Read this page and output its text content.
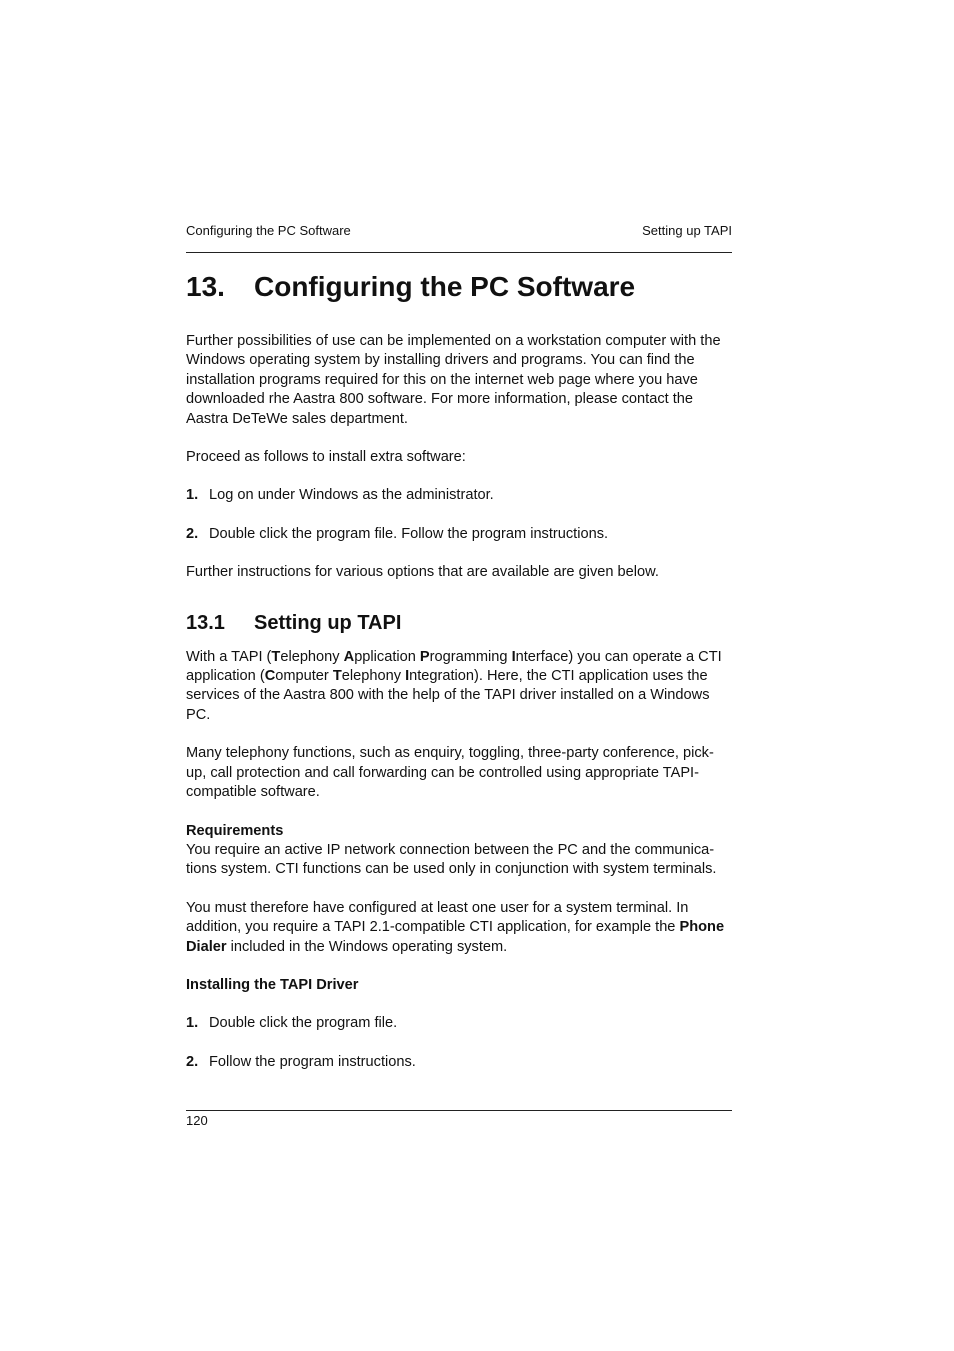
Configuring the PC Software	Setting up TAPI
13.	Configuring the PC Software

Further possibilities of use can be implemented on a workstation computer with the Windows operating system by installing drivers and programs. You can find the installation programs required for this on the internet web page where you have downloaded rhe Aastra 800 software. For more information, please contact the Aastra DeTeWe sales department.

Proceed as follows to install extra software:

1. Log on under Windows as the administrator.
2. Double click the program file. Follow the program instructions.

Further instructions for various options that are available are given below.

13.1	Setting up TAPI

With a TAPI (Telephony Application Programming Interface) you can operate a CTI application (Computer Telephony Integration). Here, the CTI application uses the services of the Aastra 800 with the help of the TAPI driver installed on a Windows PC.

Many telephony functions, such as enquiry, toggling, three-party conference, pick-up, call protection and call forwarding can be controlled using appropriate TAPI-compatible software.

Requirements

You require an active IP network connection between the PC and the communica-tions system. CTI functions can be used only in conjunction with system terminals.

You must therefore have configured at least one user for a system terminal. In addition, you require a TAPI 2.1-compatible CTI application, for example the Phone Dialer included in the Windows operating system.

Installing the TAPI Driver

1. Double click the program file.
2. Follow the program instructions.
120
